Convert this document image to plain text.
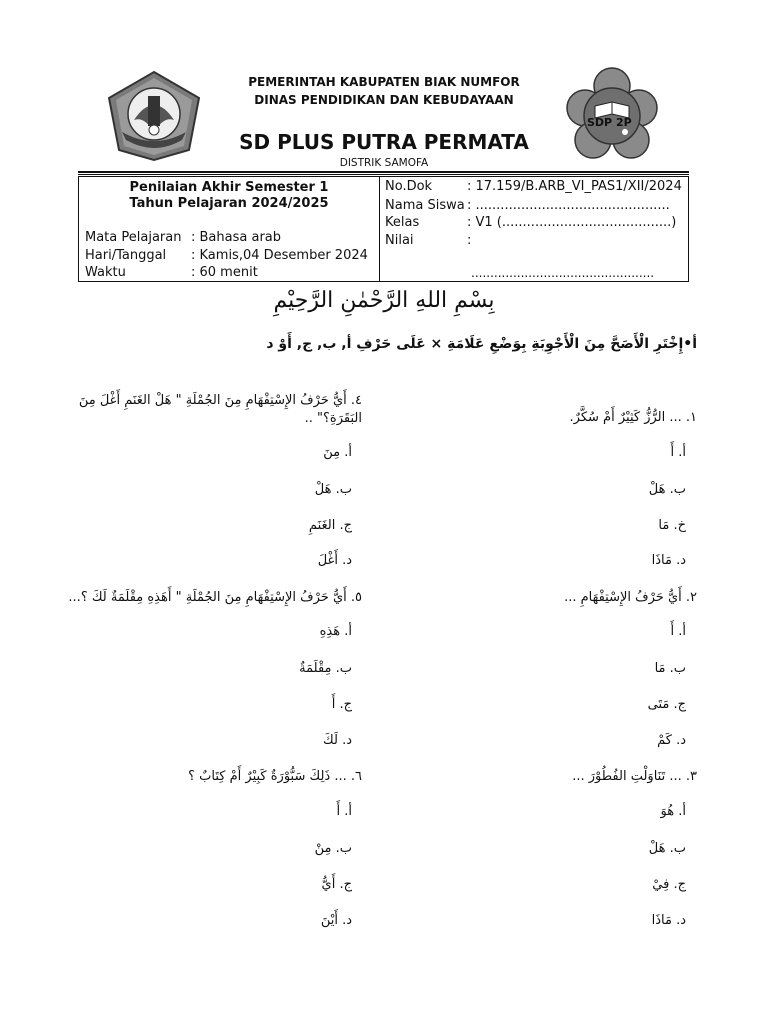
SDP 2P
PEMERINTAH KABUPATEN BIAK NUMFOR
DINAS PENDIDIKAN DAN KEBUDAYAAN
SD PLUS PUTRA PERMATA
DISTRIK SAMOFA
Penilaian Akhir Semester 1
Tahun Pelajaran 2024/2025
Mata Pelajaran : Bahasa arab
Hari/Tanggal : Kamis,04 Desember 2024
Waktu	: 60 menit
No.Dok	: 17.159/B.ARB_VI_PAS1/XII/2024
Nama Siswa : ...............................................
Kelas	: V1 (.........................................)
Nilai	:
................................................
بِسْمِ اللهِ الرَّحْمٰنِ الرَّحِيْمِ
أ•إِخْتَرِ الْأَصَحَّ مِنَ الْأَجْوِبَةِ بِوَضْعِ عَلَامَةِ × عَلَى حَرْفِ أ, ب, ج, أَوْ د
١. ... الرُّزُّ كَثِيْرٌ أَمْ سُكَّرٌ.
أ. أَ
ب. هَلْ
خ. مَا
د. مَاذَا
٢. أَيُّ حَرْفُ الإِسْتِفْهَامِ ...
أ. أَ
ب. مَا
ج. مَتَى
د. كَمْ
٣. ... تَنَاوَلْتِ الفُطُوْرَ ...
أ. هُوَ
ب. هَلْ
ج. فِيْ
د. مَاذَا
٤. أَيُّ حَرْفُ الإِسْتِفْهَامِ مِنَ الجُمْلَةِ " هَلْ الغَنَمِ أَغْلَ مِنَ
البَقَرَةِ؟" ..
أ. مِنَ
ب. هَلْ
ج. الغَنَمِ
د. أَغْلَ
٥. أَيُّ حَرْفُ الإِسْتِفْهَامِ مِنَ الجُمْلَةِ " أَهَذِهِ مِقْلَمَةٌ لَكَ ؟...
أ. هَذِهِ
ب. مِقْلَمَةٌ
ج. أَ
د. لَكَ
٦. ... ذَلِكَ سَبُّوْرَةٌ كَبِيْرٌ أَمْ كِتَابٌ ؟
أ. أَ
ب. مِنْ
ج. أَيُّ
د. أَيْنَ
